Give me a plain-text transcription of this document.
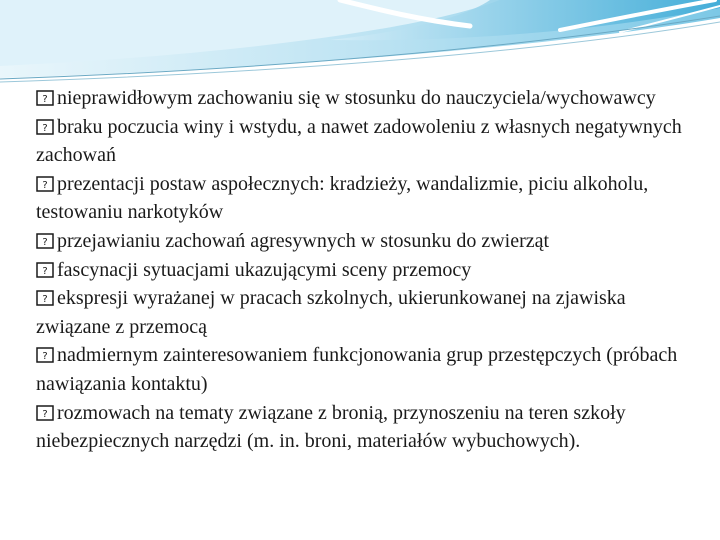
? nieprawidłowym zachowaniu się w stosunku do nauczyciela/wychowawcy

? braku poczucia winy i wstydu, a nawet zadowoleniu z własnych negatywnych zachowań

? prezentacji postaw aspołecznych: kradzieży, wandalizmie, piciu alkoholu, testowaniu narkotyków

? przejawianiu zachowań agresywnych w stosunku do zwierząt

? fascynacji sytuacjami ukazującymi sceny przemocy

? ekspresji wyrażanej w pracach szkolnych, ukierunkowanej na zjawiska związane z przemocą

? nadmiernym zainteresowaniem funkcjonowania grup przestępczych (próbach nawiązania kontaktu)

? rozmowach na tematy związane z bronią, przynoszeniu na teren szkoły niebezpiecznych narzędzi (m. in. broni, materiałów wybuchowych).
